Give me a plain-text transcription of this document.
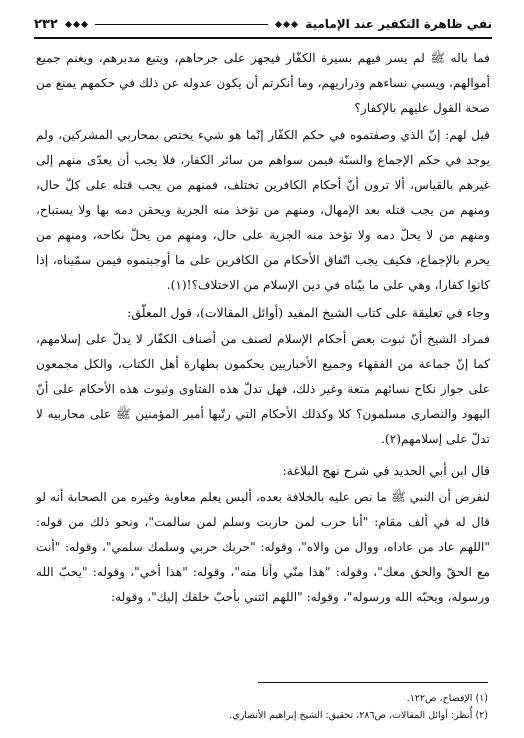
٢٣٢	نفي ظاهرة التكفير عند الإمامية

فما باله ﷺ لم يسر فيهم بسيرة الكفّار فيجهز على جرحاهم، ويتبع مدبرهم، ويغنم جميع أموالهم، ويسبي نساءهم وذراريهم، وما أنكرتم أن يكون عدوله عن ذلك في حكمهم يمنع من صحة القول عليهم بالإكفار؟

قيل لهم: إنّ الذي وصفتموه في حكم الكفّار إنّما هو شيء يختص بمحاربي المشركين، ولم يوجد في حكم الإجماع والسنّة فيمن سواهم من سائر الكفار، فلا يجب أن يعدّى منهم إلى غيرهم بالقياس، ألا ترون أنّ أحكام الكافرين تختلف، فمنهم من يجب قتله على كلّ حال، ومنهم من يجب قتله بعد الإمهال، ومنهم من تؤخذ منه الجزية ويحقن دمه بها ولا يستباح، ومنهم من لا يحلّ دمه ولا تؤخذ منه الجزية على حال، ومنهم من يحلّ نكاحه، ومنهم من يحرم بالإجماع، فكيف يجب اتّفاق الأحكام من الكافرين على ما أوجبتموه فيمن سمّيناه، إذا كانوا كفارا، وهي على ما بيّناه في دين الإسلام من الاختلاف؟!(١).

وجاء في تعليقة على كتاب الشيخ المفيد (أوائل المقالات)، قول المعلّق:

فمراد الشيخ أنّ ثبوت بعض أحكام الإسلام لصنف من أصناف الكفّار لا يدلّ على إسلامهم، كما إنّ جماعة من الفقهاء وجميع الأخباريين يحكمون بطهارة أهل الكتاب، والكل مجمعون على جواز نكاح نسائهم متعة وغير ذلك، فهل تدلّ هذه الفتاوى وثبوت هذه الأحكام على أنّ اليهود والنصارى مسلمون؟ كلا وكذلك الأحكام التي رتّبها أمير المؤمنين ﷺ على محاربيه لا تدلّ على إسلامهم(٢).

قال ابن أبي الحديد في شرح نهج البلاغة:

لنفرض أن النبي ﷺ ما نص عليه بالخلافة بعده، أليس يعلم معاوية وغيره من الصحابة أنه لو قال له في ألف مقام: "أنا حرب لمن حاربت وسلم لمن سالمت"، ونحو ذلك من قوله: "اللهم عاد من عاداه، ووال من والاه"، وقوله: "حربك حربي وسلمك سلمي"، وقوله: "أنت مع الحقّ والحق معك"، وقوله: "هذا منّي وأنا منه"، وقوله: "هذا أخي"، وقوله: "يحبّ الله ورسوله، ويحبّه الله ورسوله"، وقوله: "اللهم ائتني بأحبّ خلقك إليك"، وقوله:

(١) الإفصاح، ص١٢٢.

(٢) أُنظر: أوائل المقالات، ص٢٨٦، تحقيق: الشيخ إبراهيم الأنصاري.
